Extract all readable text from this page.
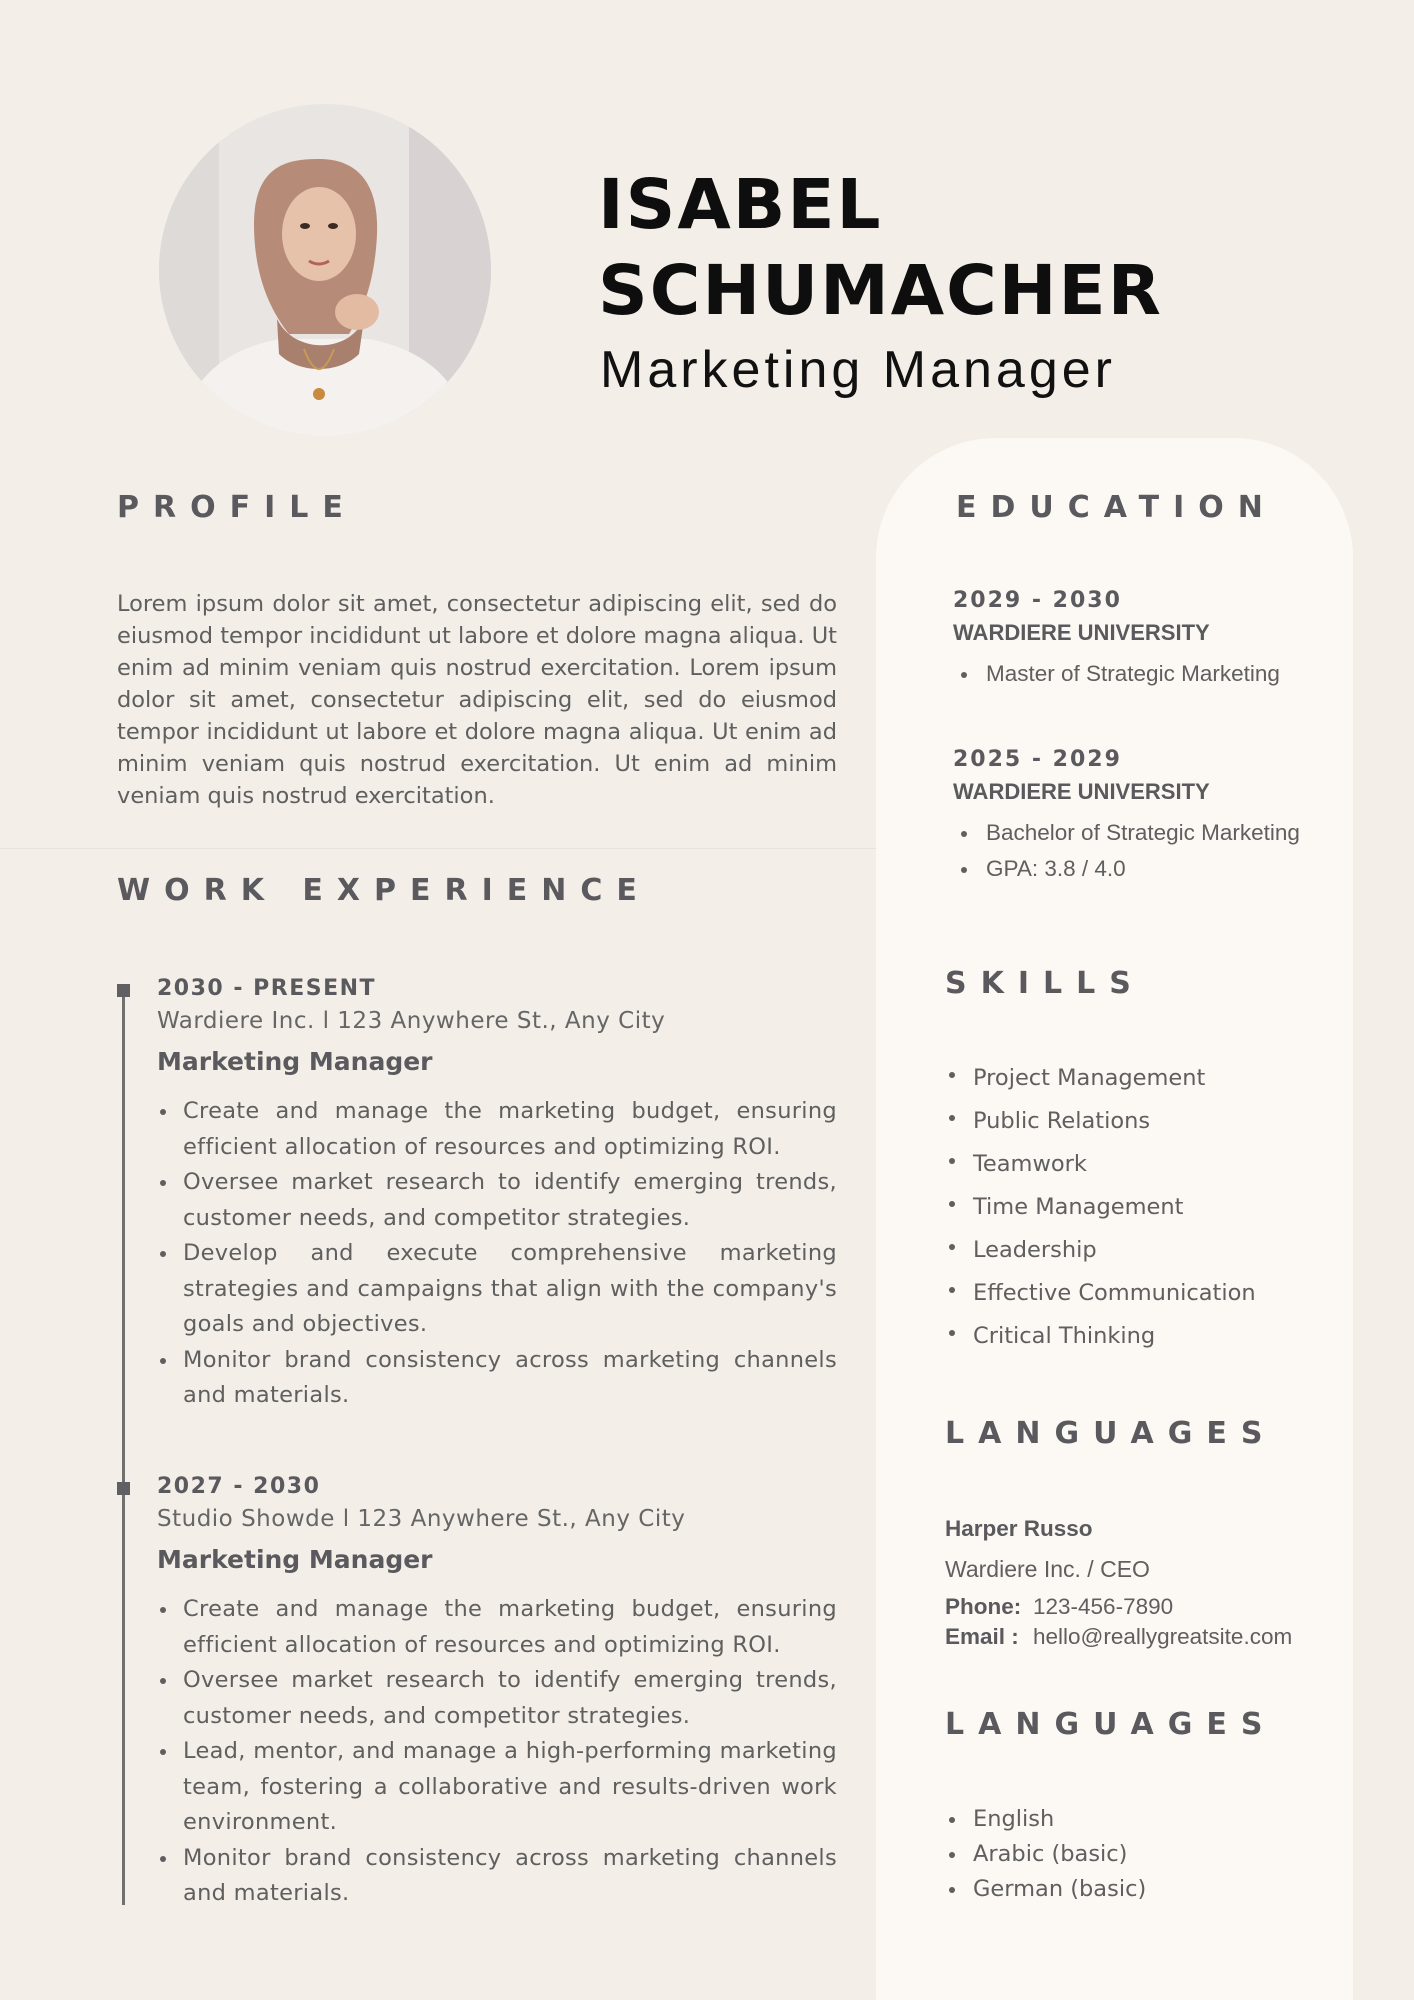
ISABEL
SCHUMACHER
Marketing Manager
PROFILE
Lorem ipsum dolor sit amet, consectetur adipiscing elit, sed do eiusmod tempor incididunt ut labore et dolore magna aliqua. Ut enim ad minim veniam quis nostrud exercitation. Lorem ipsum dolor sit amet, consectetur adipiscing elit, sed do eiusmod tempor incididunt ut labore et dolore magna aliqua. Ut enim ad minim veniam quis nostrud exercitation. Ut enim ad minim veniam quis nostrud exercitation.
WORK EXPERIENCE
2030 - PRESENT
Wardiere Inc. l 123 Anywhere St., Any City
Marketing Manager
Create and manage the marketing budget, ensuring efficient allocation of resources and optimizing ROI.
Oversee market research to identify emerging trends, customer needs, and competitor strategies.
Develop and execute comprehensive marketing strategies and campaigns that align with the company's goals and objectives.
Monitor brand consistency across marketing channels and materials.
2027 - 2030
Studio Showde l 123 Anywhere St., Any City
Marketing Manager
Create and manage the marketing budget, ensuring efficient allocation of resources and optimizing ROI.
Oversee market research to identify emerging trends, customer needs, and competitor strategies.
Lead, mentor, and manage a high-performing marketing team, fostering a collaborative and results-driven work environment.
Monitor brand consistency across marketing channels and materials.
EDUCATION
2029 - 2030
WARDIERE UNIVERSITY
Master of Strategic Marketing
2025 - 2029
WARDIERE UNIVERSITY
Bachelor of Strategic Marketing
GPA: 3.8 / 4.0
SKILLS
Project Management
Public Relations
Teamwork
Time Management
Leadership
Effective Communication
Critical Thinking
LANGUAGES
Harper Russo
Wardiere Inc. / CEO
Phone: 123-456-7890
Email : hello@reallygreatsite.com
LANGUAGES
English
Arabic (basic)
German (basic)
